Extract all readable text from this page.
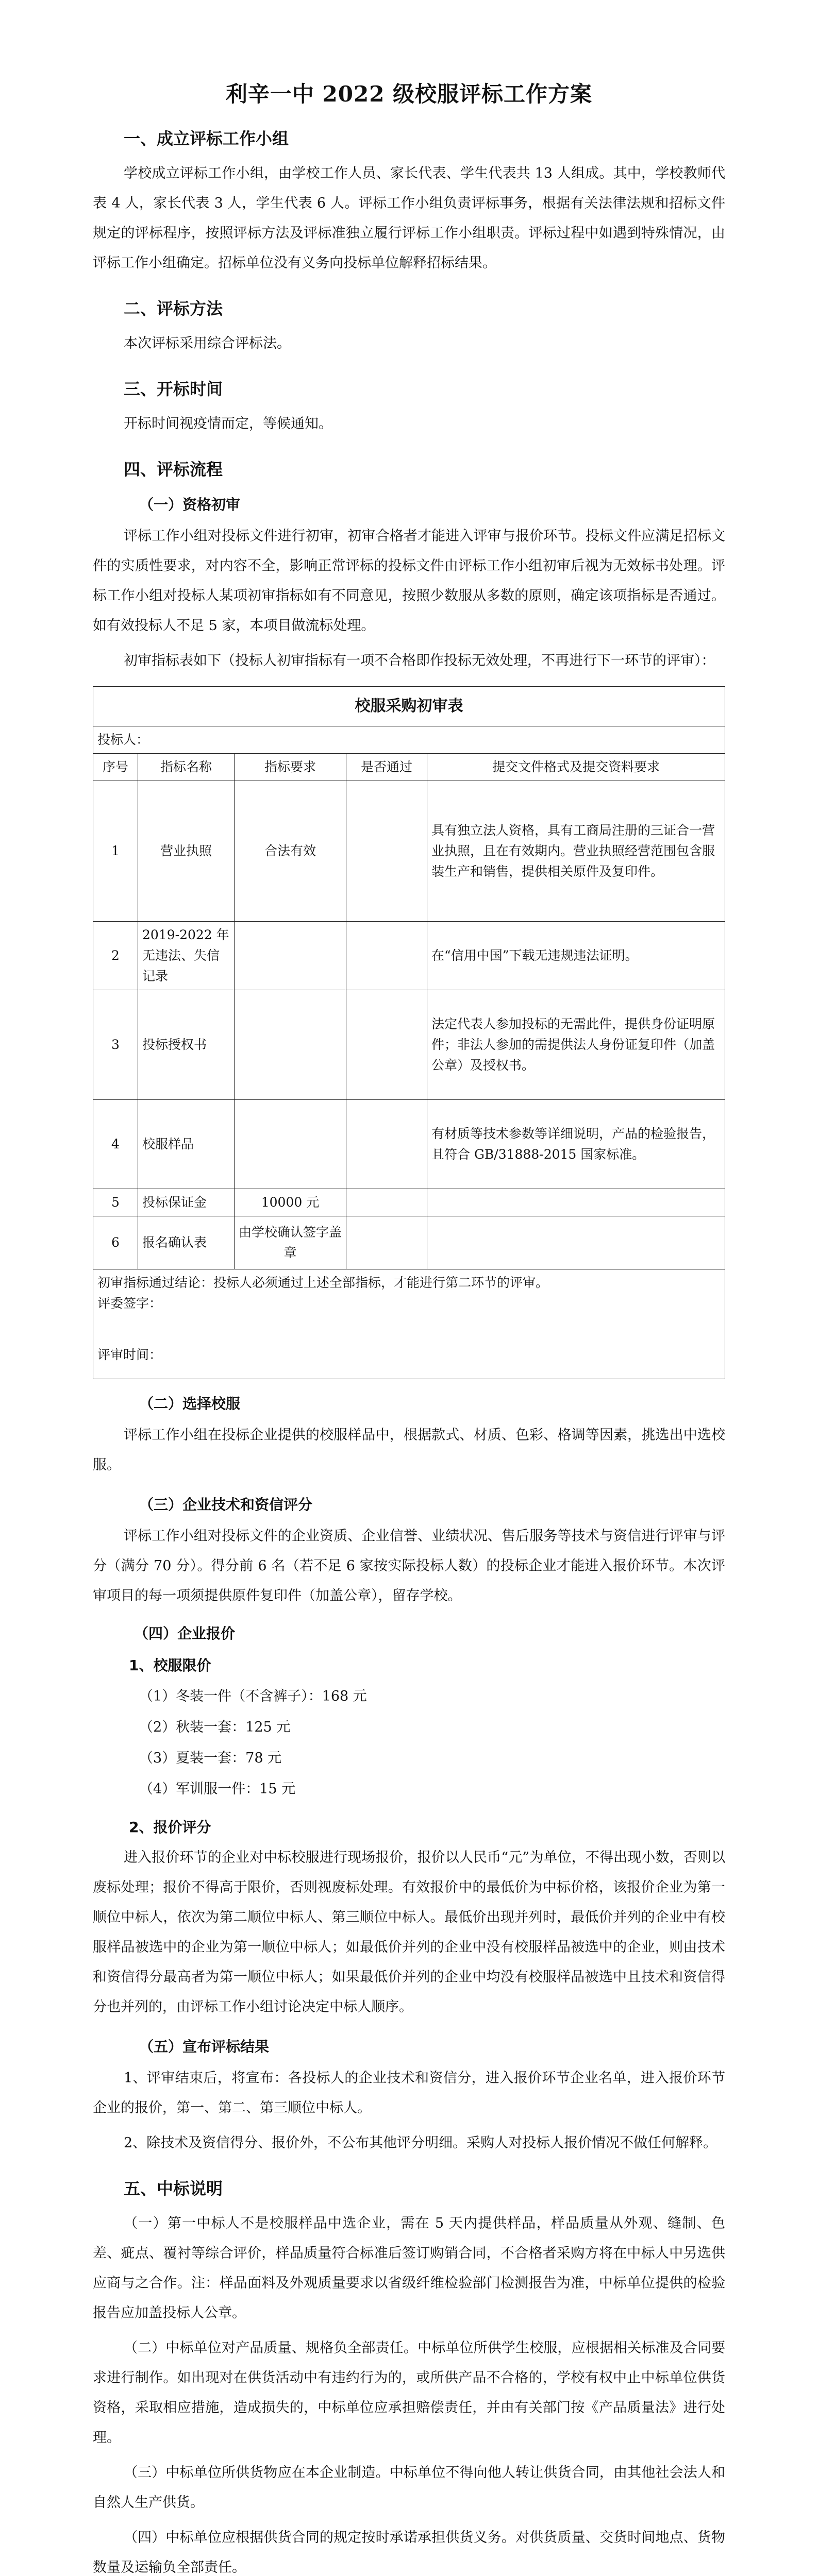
利辛一中 2022 级校服评标工作方案
一、成立评标工作小组

学校成立评标工作小组，由学校工作人员、家长代表、学生代表共 13 人组成。其中，学校教师代表 4 人，家长代表 3 人，学生代表 6 人。评标工作小组负责评标事务，根据有关法律法规和招标文件规定的评标程序，按照评标方法及评标准独立履行评标工作小组职责。评标过程中如遇到特殊情况，由评标工作小组确定。招标单位没有义务向投标单位解释招标结果。

二、评标方法

本次评标采用综合评标法。

三、开标时间

开标时间视疫情而定，等候通知。

四、评标流程
（一）资格初审

评标工作小组对投标文件进行初审，初审合格者才能进入评审与报价环节。投标文件应满足招标文件的实质性要求，对内容不全，影响正常评标的投标文件由评标工作小组初审后视为无效标书处理。评标工作小组对投标人某项初审指标如有不同意见，按照少数服从多数的原则，确定该项指标是否通过。如有效投标人不足 5 家，本项目做流标处理。

初审指标表如下（投标人初审指标有一项不合格即作投标无效处理，不再进行下一环节的评审）：

校服采购初审表				
投标人：				
序号	指标名称	指标要求	是否通过	提交文件格式及提交资料要求
1	营业执照	合法有效		具有独立法人资格，具有工商局注册的三证合一营业执照，且在有效期内。营业执照经营范围包含服装生产和销售，提供相关原件及复印件。
2	2019-2022 年无违法、失信记录			在“信用中国”下载无违规违法证明。
3	投标授权书			法定代表人参加投标的无需此件，提供身份证明原件；非法人参加的需提供法人身份证复印件（加盖公章）及授权书。
4	校服样品			有材质等技术参数等详细说明，产品的检验报告，且符合 GB/31888-2015 国家标准。
5	投标保证金	10000 元		
6	报名确认表	由学校确认签字盖章		

初审指标通过结论：投标人必须通过上述全部指标，才能进行第二环节的评审。
评委签字：
评审时间：				
（二）选择校服

评标工作小组在投标企业提供的校服样品中，根据款式、材质、色彩、格调等因素，挑选出中选校服。

（三）企业技术和资信评分

评标工作小组对投标文件的企业资质、企业信誉、业绩状况、售后服务等技术与资信进行评审与评分（满分 70 分）。得分前 6 名（若不足 6 家按实际投标人数）的投标企业才能进入报价环节。本次评审项目的每一项须提供原件复印件（加盖公章），留存学校。

（四）企业报价
1、校服限价
（1）冬装一件（不含裤子）：168 元
（2）秋装一套：125 元
（3）夏装一套：78 元
（4）军训服一件：15 元
2、报价评分

进入报价环节的企业对中标校服进行现场报价，报价以人民币“元”为单位，不得出现小数，否则以废标处理；报价不得高于限价，否则视废标处理。有效报价中的最低价为中标价格，该报价企业为第一顺位中标人，依次为第二顺位中标人、第三顺位中标人。最低价出现并列时，最低价并列的企业中有校服样品被选中的企业为第一顺位中标人；如最低价并列的企业中没有校服样品被选中的企业，则由技术和资信得分最高者为第一顺位中标人；如果最低价并列的企业中均没有校服样品被选中且技术和资信得分也并列的，由评标工作小组讨论决定中标人顺序。

（五）宣布评标结果

1、评审结束后，将宣布：各投标人的企业技术和资信分，进入报价环节企业名单，进入报价环节企业的报价，第一、第二、第三顺位中标人。

2、除技术及资信得分、报价外，不公布其他评分明细。采购人对投标人报价情况不做任何解释。

五、中标说明

（一）第一中标人不是校服样品中选企业，需在 5 天内提供样品，样品质量从外观、缝制、色差、疵点、覆衬等综合评价，样品质量符合标准后签订购销合同，不合格者采购方将在中标人中另选供应商与之合作。注：样品面料及外观质量要求以省级纤维检验部门检测报告为准，中标单位提供的检验报告应加盖投标人公章。

（二）中标单位对产品质量、规格负全部责任。中标单位所供学生校服，应根据相关标准及合同要求进行制作。如出现对在供货活动中有违约行为的，或所供产品不合格的，学校有权中止中标单位供货资格，采取相应措施，造成损失的，中标单位应承担赔偿责任，并由有关部门按《产品质量法》进行处理。

（三）中标单位所供货物应在本企业制造。中标单位不得向他人转让供货合同，由其他社会法人和自然人生产供货。

（四）中标单位应根据供货合同的规定按时承诺承担供货义务。对供货质量、交货时间地点、货物数量及运输负全部责任。
